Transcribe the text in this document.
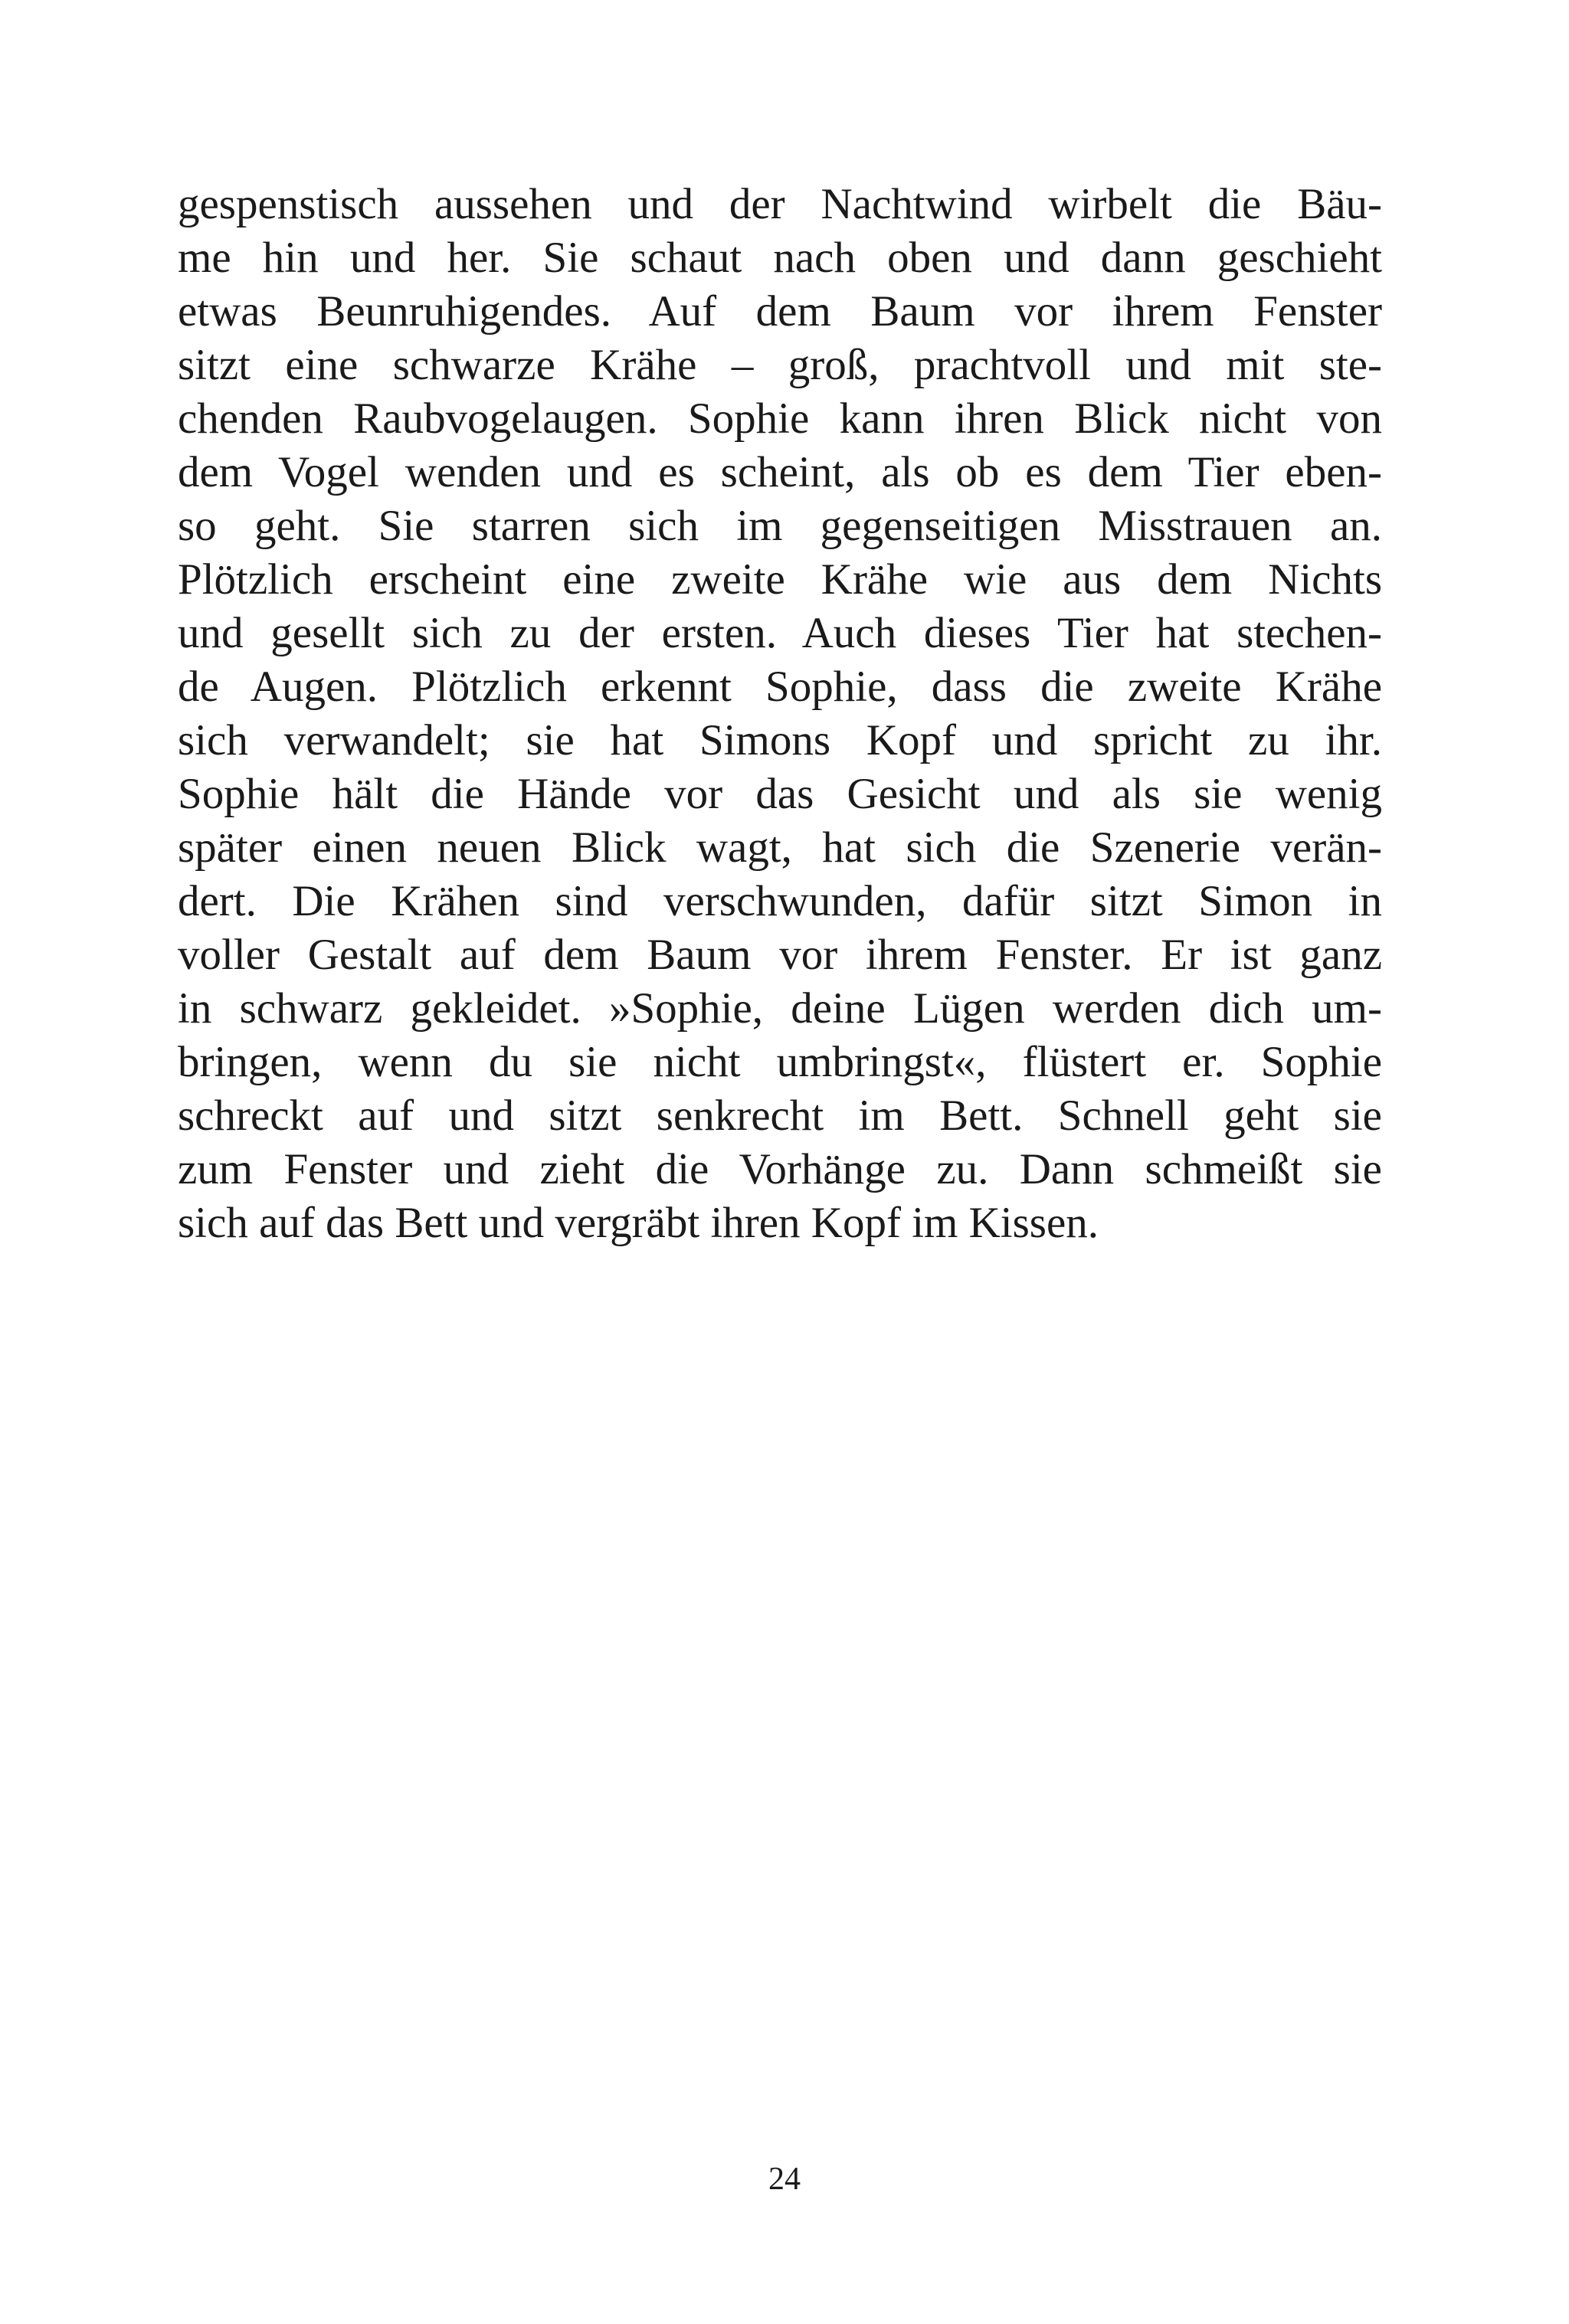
gespenstisch aussehen und der Nachtwind wirbelt die Bäu-
me hin und her. Sie schaut nach oben und dann geschieht
etwas Beunruhigendes. Auf dem Baum vor ihrem Fenster
sitzt eine schwarze Krähe – groß, prachtvoll und mit ste-
chenden Raubvogelaugen. Sophie kann ihren Blick nicht von
dem Vogel wenden und es scheint, als ob es dem Tier eben-
so geht. Sie starren sich im gegenseitigen Misstrauen an.
Plötzlich erscheint eine zweite Krähe wie aus dem Nichts
und gesellt sich zu der ersten. Auch dieses Tier hat stechen-
de Augen. Plötzlich erkennt Sophie, dass die zweite Krähe
sich verwandelt; sie hat Simons Kopf und spricht zu ihr.
Sophie hält die Hände vor das Gesicht und als sie wenig
später einen neuen Blick wagt, hat sich die Szenerie verän-
dert. Die Krähen sind verschwunden, dafür sitzt Simon in
voller Gestalt auf dem Baum vor ihrem Fenster. Er ist ganz
in schwarz gekleidet. »Sophie, deine Lügen werden dich um-
bringen, wenn du sie nicht umbringst«, flüstert er. Sophie
schreckt auf und sitzt senkrecht im Bett. Schnell geht sie
zum Fenster und zieht die Vorhänge zu. Dann schmeißt sie
sich auf das Bett und vergräbt ihren Kopf im Kissen.
24
